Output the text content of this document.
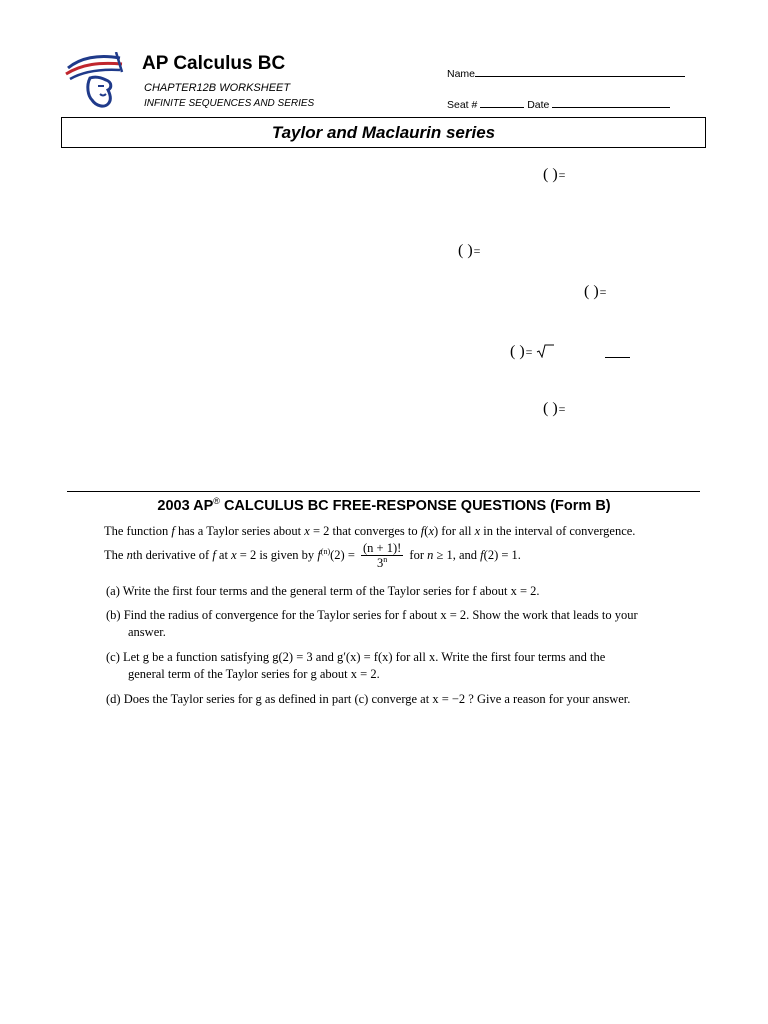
AP Calculus BC
CHAPTER12B WORKSHEET
INFINITE SEQUENCES AND SERIES
Name
Seat #	Date
Taylor and Maclaurin series
( )=
( )=
( )=
( )=
( )=
2003 AP® CALCULUS BC FREE-RESPONSE QUESTIONS (Form B)
The function f has a Taylor series about x = 2 that converges to f(x) for all x in the interval of convergence.
The nth derivative of f at x = 2 is given by $f^{(n)}(2) = \frac{(n + 1)!}{3^n}$ for n ≥ 1, and f(2) = 1.
(a) Write the first four terms and the general term of the Taylor series for f about x = 2.
(b) Find the radius of convergence for the Taylor series for f about x = 2. Show the work that leads to your
answer.
(c) Let g be a function satisfying g(2) = 3 and g′(x) = f(x) for all x. Write the first four terms and the
general term of the Taylor series for g about x = 2.
(d) Does the Taylor series for g as defined in part (c) converge at x = −2 ? Give a reason for your answer.
